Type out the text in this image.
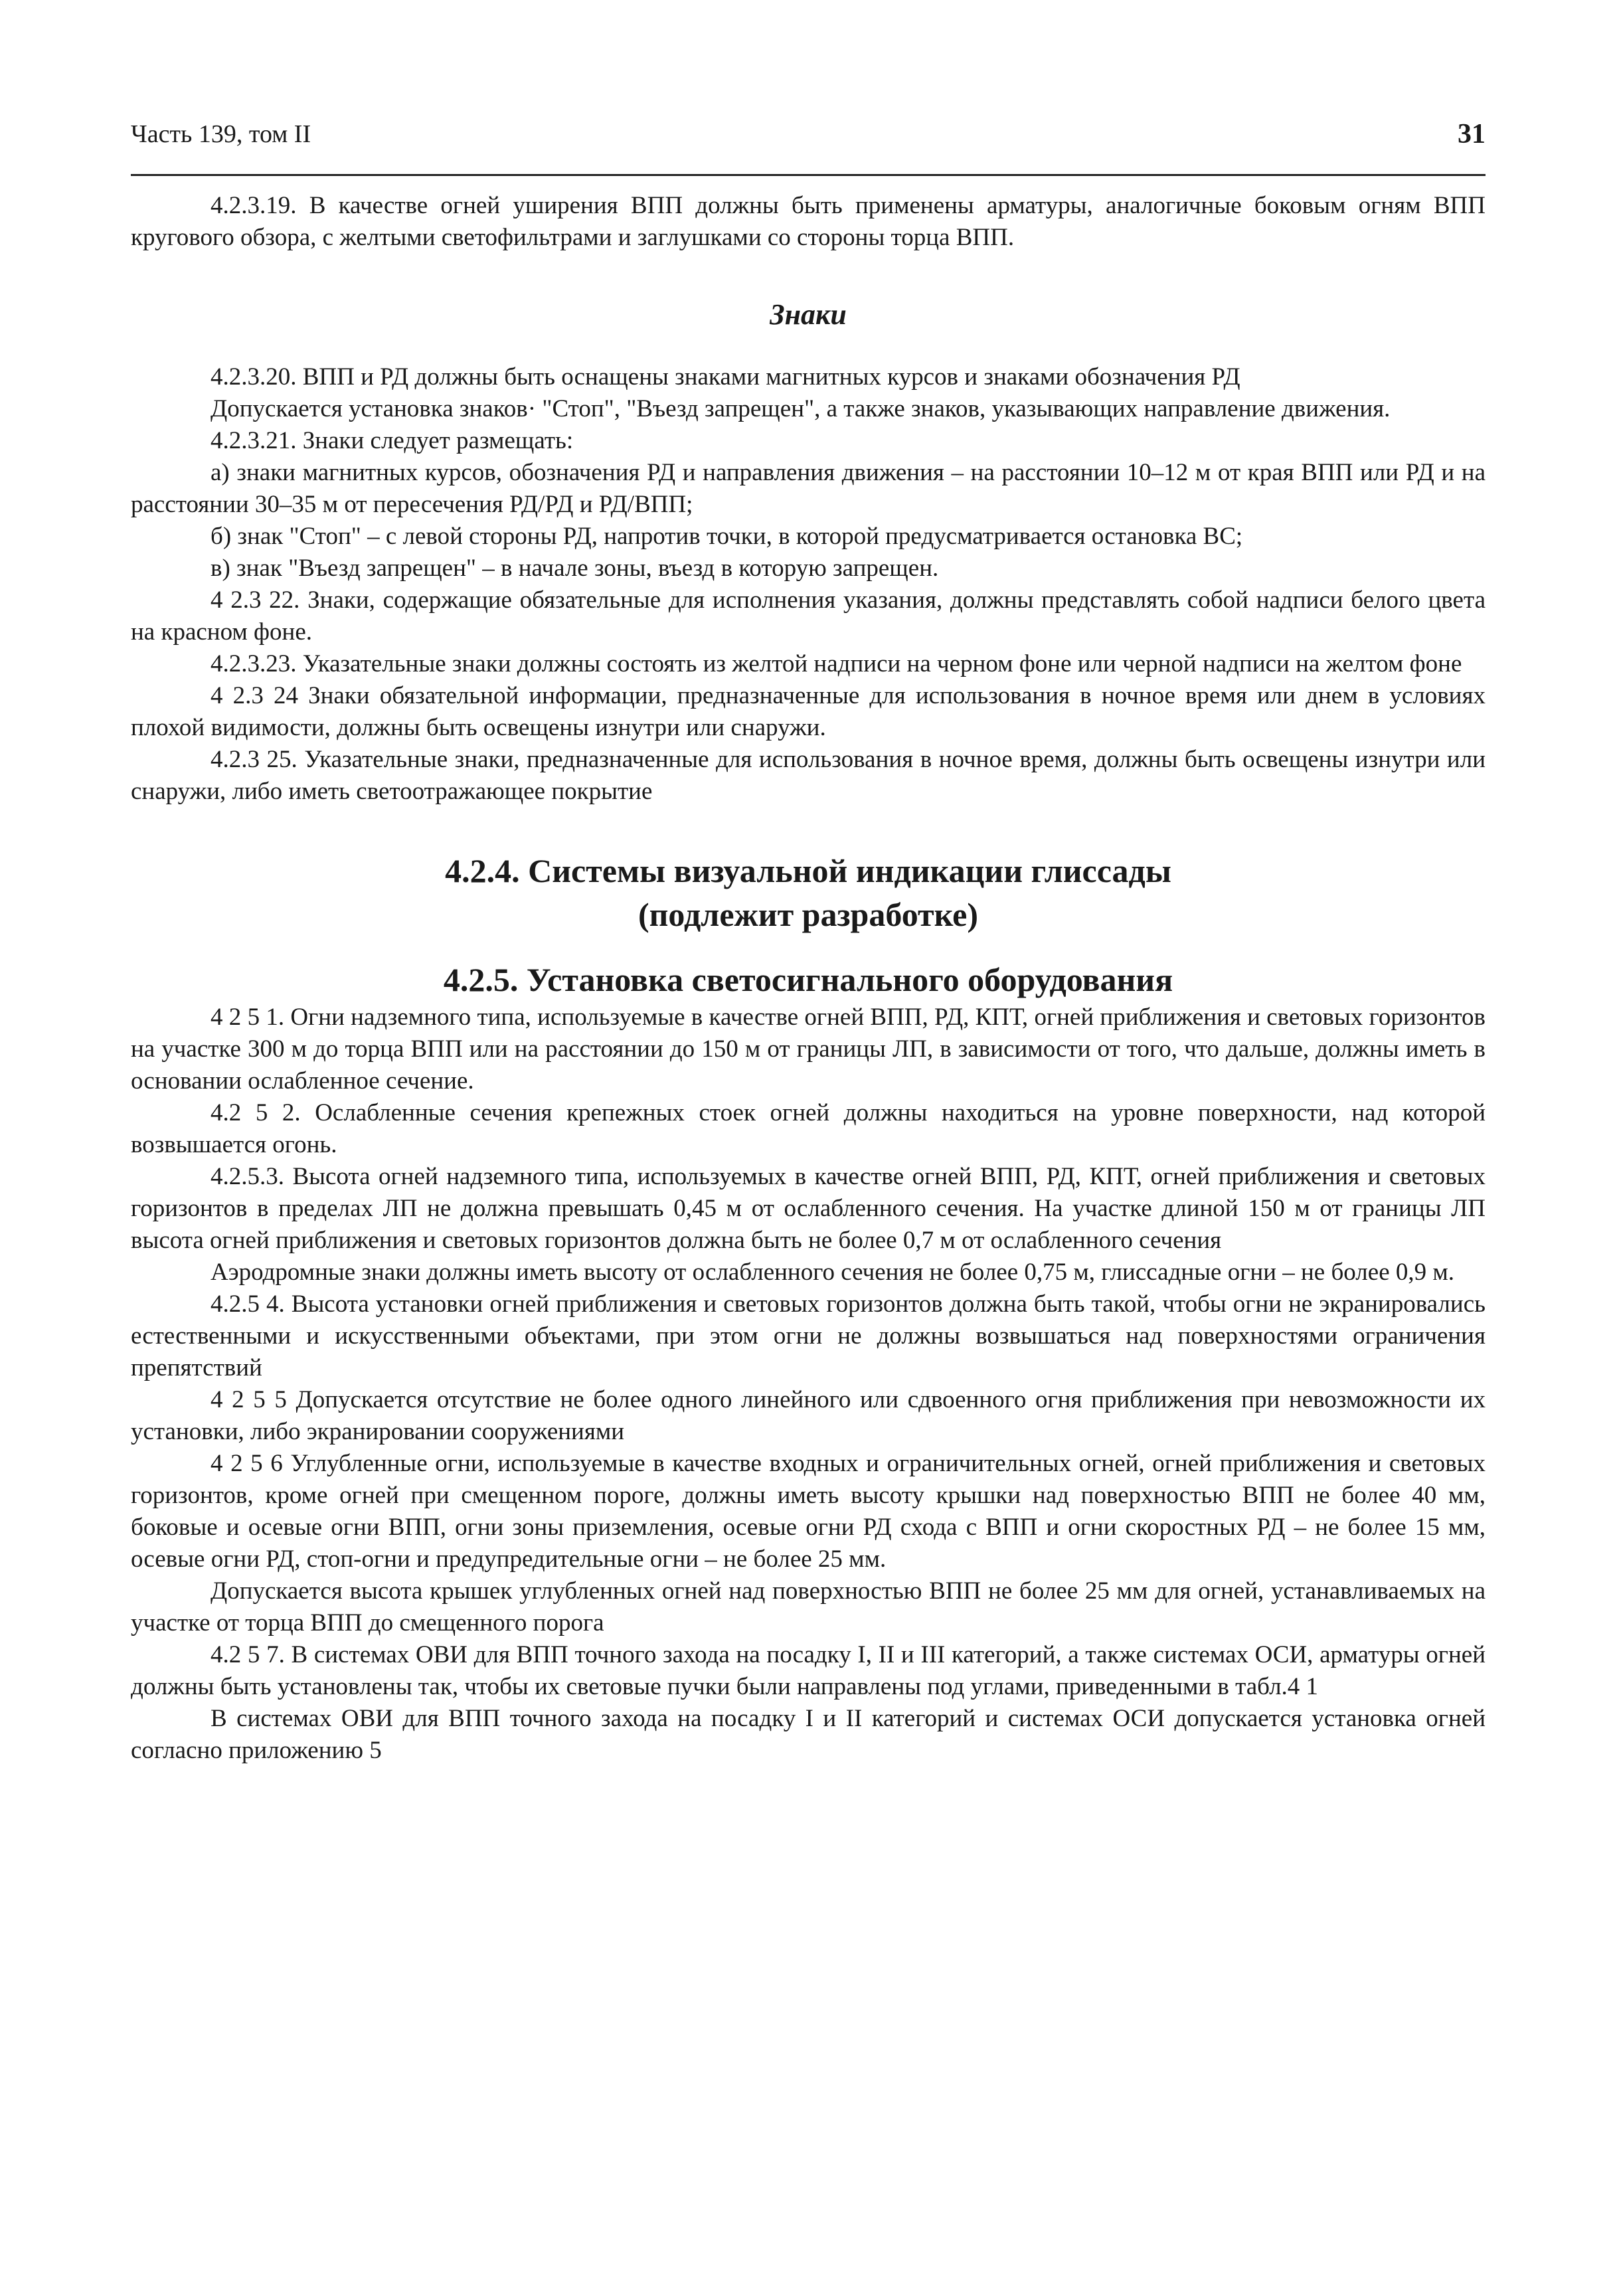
Часть 139, том II	31

4.2.3.19. В качестве огней уширения ВПП должны быть применены арматуры, аналогичные боковым огням ВПП кругового обзора, с желтыми светофильтрами и заглушками со стороны торца ВПП.

Знаки

4.2.3.20. ВПП и РД должны быть оснащены знаками магнитных курсов и знаками обозначения РД

Допускается установка знаков· "Стоп", "Въезд запрещен", а также знаков, указывающих направление движения.

4.2.3.21. Знаки следует размещать:

а) знаки магнитных курсов, обозначения РД и направления движения – на расстоянии 10–12 м от края ВПП или РД и на расстоянии 30–35 м от пересечения РД/РД и РД/ВПП;

б) знак "Стоп" – с левой стороны РД, напротив точки, в которой предусматривается остановка ВС;

в) знак "Въезд запрещен" – в начале зоны, въезд в которую запрещен.

4 2.3 22. Знаки, содержащие обязательные для исполнения указания, должны представлять собой надписи белого цвета на красном фоне.

4.2.3.23. Указательные знаки должны состоять из желтой надписи на черном фоне или черной надписи на желтом фоне

4 2.3 24 Знаки обязательной информации, предназначенные для использования в ночное время или днем в условиях плохой видимости, должны быть освещены изнутри или снаружи.

4.2.3 25. Указательные знаки, предназначенные для использования в ночное время, должны быть освещены изнутри или снаружи, либо иметь светоотражающее покрытие

4.2.4. Системы визуальной индикации глиссады
(подлежит разработке)
4.2.5. Установка светосигнального оборудования

4 2 5 1. Огни надземного типа, используемые в качестве огней ВПП, РД, КПТ, огней приближения и световых горизонтов на участке 300 м до торца ВПП или на расстоянии до 150 м от границы ЛП, в зависимости от того, что дальше, должны иметь в основании ослабленное сечение.

4.2 5 2. Ослабленные сечения крепежных стоек огней должны находиться на уровне поверхности, над которой возвышается огонь.

4.2.5.3. Высота огней надземного типа, используемых в качестве огней ВПП, РД, КПТ, огней приближения и световых горизонтов в пределах ЛП не должна превышать 0,45 м от ослабленного сечения. На участке длиной 150 м от границы ЛП высота огней приближения и световых горизонтов должна быть не более 0,7 м от ослабленного сечения

Аэродромные знаки должны иметь высоту от ослабленного сечения не более 0,75 м, глиссадные огни – не более 0,9 м.

4.2.5 4. Высота установки огней приближения и световых горизонтов должна быть такой, чтобы огни не экранировались естественными и искусственными объектами, при этом огни не должны возвышаться над поверхностями ограничения препятствий

4 2 5 5 Допускается отсутствие не более одного линейного или сдвоенного огня приближения при невозможности их установки, либо экранировании сооружениями

4 2 5 6 Углубленные огни, используемые в качестве входных и ограничительных огней, огней приближения и световых горизонтов, кроме огней при смещенном пороге, должны иметь высоту крышки над поверхностью ВПП не более 40 мм, боковые и осевые огни ВПП, огни зоны приземления, осевые огни РД схода с ВПП и огни скоростных РД – не более 15 мм, осевые огни РД, стоп-огни и предупредительные огни – не более 25 мм.

Допускается высота крышек углубленных огней над поверхностью ВПП не более 25 мм для огней, устанавливаемых на участке от торца ВПП до смещенного порога

4.2 5 7. В системах ОВИ для ВПП точного захода на посадку I, II и III категорий, а также системах ОСИ, арматуры огней должны быть установлены так, чтобы их световые пучки были направлены под углами, приведенными в табл.4 1

В системах ОВИ для ВПП точного захода на посадку I и II категорий и системах ОСИ допускается установка огней согласно приложению 5
